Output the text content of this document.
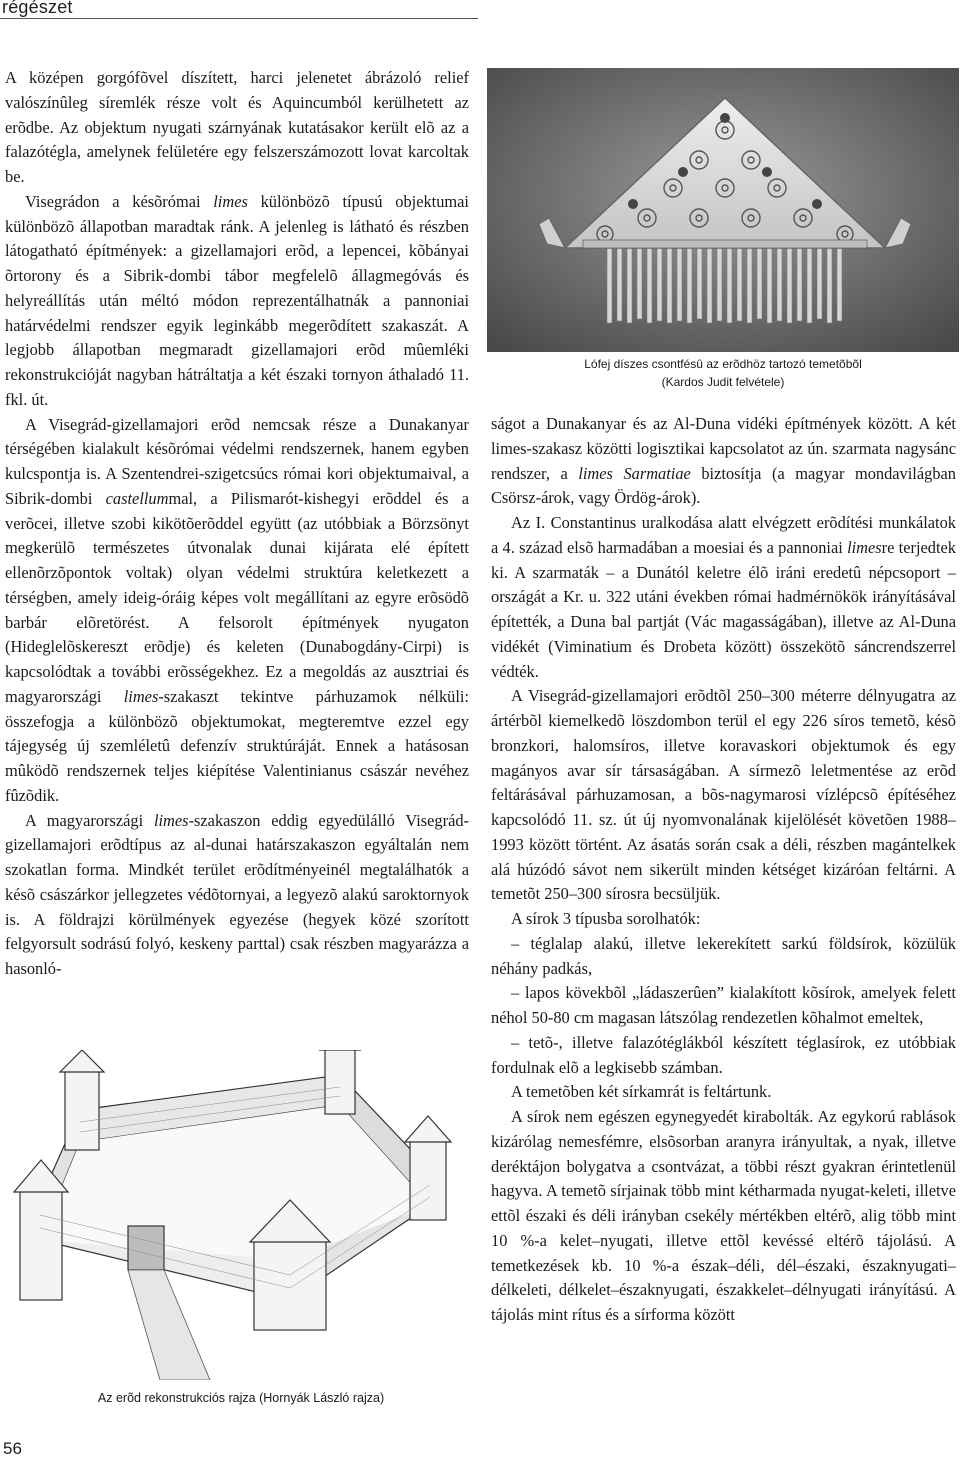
régészet

A középen gorgófõvel díszített, harci jelenetet ábrázoló relief valószínûleg síremlék része volt és Aquincumból kerülhetett az erõdbe. Az objektum nyugati szárnyának kutatásakor került elõ az a falazótégla, amelynek felületére egy felszerszámozott lovat karcoltak be.

Visegrádon a késõrómai limes különbözõ típusú objektumai különbözõ állapotban maradtak ránk. A jelenleg is látható és részben látogatható építmények: a gizellamajori erõd, a lepencei, kõbányai õrtorony és a Sibrik-dombi tábor megfelelõ állagmegóvás és helyreállítás után méltó módon reprezentálhatnák a pannoniai határvédelmi rendszer egyik leginkább megerõdített szakaszát. A legjobb állapotban megmaradt gizellamajori erõd mûemléki rekonstrukcióját nagyban hátráltatja a két északi tornyon áthaladó 11. fkl. út.

A Visegrád-gizellamajori erõd nemcsak része a Dunakanyar térségében kialakult késõrómai védelmi rendszernek, hanem egyben kulcspontja is. A Szentendrei-szigetcsúcs római kori objektumaival, a Sibrik-dombi castellummal, a Pilismarót-kishegyi erõddel és a verõcei, illetve szobi kikötõerõddel együtt (az utóbbiak a Börzsönyt megkerülõ természetes útvonalak dunai kijárata elé épített ellenõrzõpontok voltak) olyan védelmi struktúra keletkezett a térségben, amely ideig-óráig képes volt megállítani az egyre erõsödõ barbár elõretörést. A felsorolt építmények nyugaton (Hideglelõskereszt erõdje) és keleten (Dunabogdány-Cirpi) is kapcsolódtak a további erõsségekhez. Ez a megoldás az ausztriai és magyarországi limes-szakaszt tekintve párhuzamok nélküli: összefogja a különbözõ objektumokat, megteremtve ezzel egy tájegység új szemléletû defenzív struktúráját. Ennek a hatásosan mûködõ rendszernek teljes kiépítése Valentinianus császár nevéhez fûzõdik.

A magyarországi limes-szakaszon eddig egyedülálló Visegrád-gizellamajori erõdtípus az al-dunai határszakaszon egyáltalán nem szokatlan forma. Mindkét terület erõdítményeinél megtalálhatók a késõ császárkor jellegzetes védõtornyai, a legyezõ alakú saroktornyok is. A földrajzi körülmények egyezése (hegyek közé szorított felgyorsult sodrású folyó, keskeny parttal) csak részben magyarázza a hasonló-

Lófej díszes csontfésû az erõdhöz tartozó temetõbõl
(Kardos Judit felvétele)

ságot a Dunakanyar és az Al-Duna vidéki építmények között. A két limes-szakasz közötti logisztikai kapcsolatot az ún. szarmata nagysánc rendszer, a limes Sarmatiae biztosítja (a magyar mondavilágban Csörsz-árok, vagy Ördög-árok).

Az I. Constantinus uralkodása alatt elvégzett erõdítési munkálatok a 4. század elsõ harmadában a moesiai és a pannoniai limesre terjedtek ki. A szarmaták – a Dunától keletre élõ iráni eredetû népcsoport – országát a Kr. u. 322 utáni években római hadmérnökök irányításával építették, a Duna bal partját (Vác magasságában), illetve az Al-Duna vidékét (Viminatium és Drobeta között) összekötõ sáncrendszerrel védték.

A Visegrád-gizellamajori erõdtõl 250–300 méterre délnyugatra az ártérbõl kiemelkedõ löszdombon terül el egy 226 síros temetõ, késõ bronzkori, halomsíros, illetve koravaskori objektumok és egy magányos avar sír társaságában. A sírmezõ leletmentése az erõd feltárásával párhuzamosan, a bõs-nagymarosi vízlépcsõ építéséhez kapcsolódó 11. sz. út új nyomvonalának kijelölését követõen 1988–1993 között történt. Az ásatás során csak a déli, részben magántelkek alá húzódó sávot nem sikerült minden kétséget kizáróan feltárni. A temetõt 250–300 sírosra becsüljük.

A sírok 3 típusba sorolhatók:

– téglalap alakú, illetve lekerekített sarkú földsírok, közülük néhány padkás,

– lapos kövekbõl „ládaszerûen” kialakított kõsírok, amelyek felett néhol 50-80 cm magasan látszólag rendezetlen kõhalmot emeltek,

– tetõ-, illetve falazótéglákból készített téglasírok, ez utóbbiak fordulnak elõ a legkisebb számban.

A temetõben két sírkamrát is feltártunk.

A sírok nem egészen egynegyedét kirabolták. Az egykorú rablások kizárólag nemesfémre, elsõsorban aranyra irányultak, a nyak, illetve deréktájon bolygatva a csontvázat, a többi részt gyakran érintetlenül hagyva. A temetõ sírjainak több mint kétharmada nyugat-keleti, illetve ettõl északi és déli irányban csekély mértékben eltérõ, alig több mint 10 %-a kelet–nyugati, illetve ettõl kevéssé eltérõ tájolású. A temetkezések kb. 10 %-a észak–déli, dél–északi, északnyugati–délkeleti, délkelet–északnyugati, északkelet–délnyugati irányítású. A tájolás mint rítus és a sírforma között

Az erõd rekonstrukciós rajza (Hornyák László rajza)
56
